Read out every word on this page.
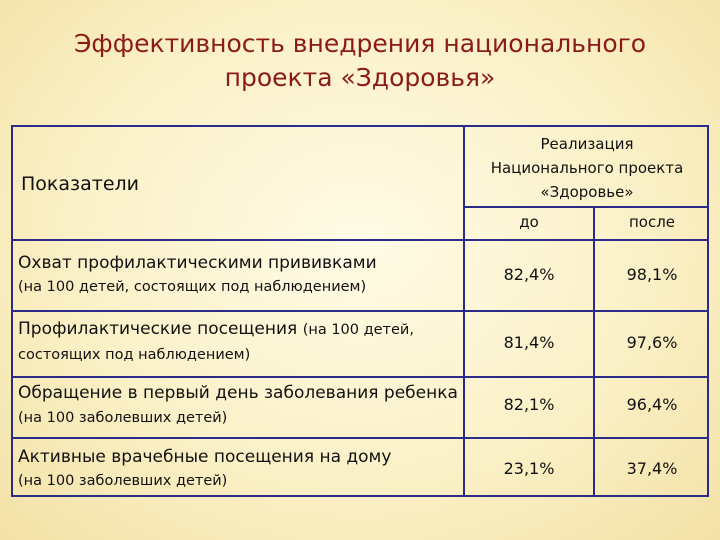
Эффективность внедрения национального
проекта «Здоровья»
Показатели
Реализация
Национального проекта
«Здоровье»
до	после
Охват профилактическими прививками
(на 100 детей, состоящих под наблюдением)
82,4%	98,1%
Профилактические посещения (на 100 детей, состоящих под наблюдением)
81,4%	97,6%
Обращение в первый день заболевания ребенка (на 100 заболевших детей)
82,1%	96,4%
Активные врачебные посещения на дому
(на 100 заболевших детей)
23,1%	37,4%
